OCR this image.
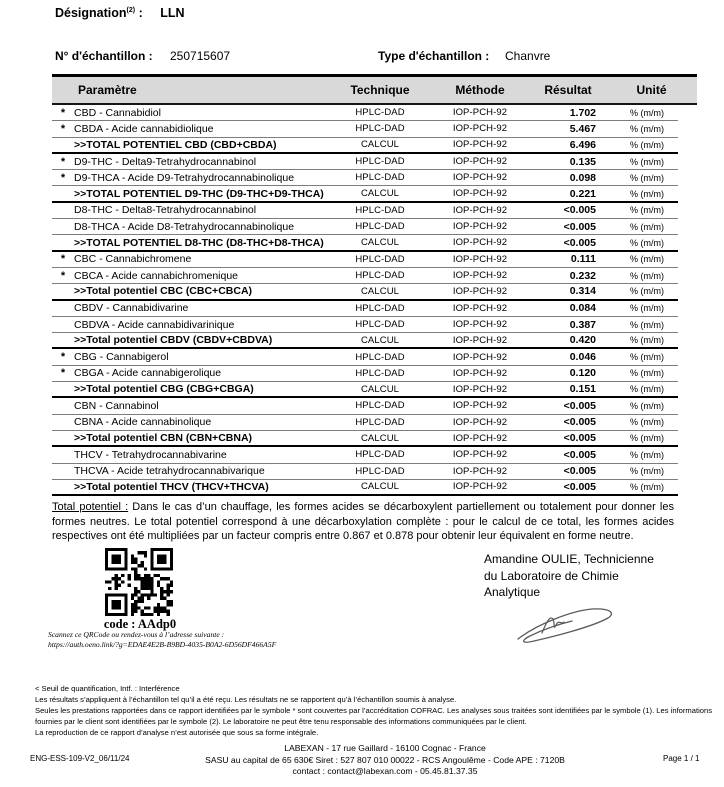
Désignation$^{(2)}$ : LLN
N° d'échantillon : 250715607	Type d'échantillon : Chanvre
Paramètre	Technique	Méthode	Résultat	Unité
* CBD - Cannabidiol	HPLC-DAD	IOP-PCH-92	1.702	% (m/m)
* CBDA - Acide cannabidiolique	HPLC-DAD	IOP-PCH-92	5.467	% (m/m)
>>TOTAL POTENTIEL CBD (CBD+CBDA)	CALCUL	IOP-PCH-92	6.496	% (m/m)
* D9-THC - Delta9-Tetrahydrocannabinol	HPLC-DAD	IOP-PCH-92	0.135	% (m/m)
* D9-THCA - Acide D9-Tetrahydrocannabinolique	HPLC-DAD	IOP-PCH-92	0.098	% (m/m)
>>TOTAL POTENTIEL D9-THC (D9-THC+D9-THCA)	CALCUL	IOP-PCH-92	0.221	% (m/m)
D8-THC - Delta8-Tetrahydrocannabinol	HPLC-DAD	IOP-PCH-92	<0.005	% (m/m)
D8-THCA - Acide D8-Tetrahydrocannabinolique	HPLC-DAD	IOP-PCH-92	<0.005	% (m/m)
>>TOTAL POTENTIEL D8-THC (D8-THC+D8-THCA)	CALCUL	IOP-PCH-92	<0.005	% (m/m)
* CBC - Cannabichromene	HPLC-DAD	IOP-PCH-92	0.111	% (m/m)
* CBCA - Acide cannabichromenique	HPLC-DAD	IOP-PCH-92	0.232	% (m/m)
>>Total potentiel CBC (CBC+CBCA)	CALCUL	IOP-PCH-92	0.314	% (m/m)
CBDV - Cannabidivarine	HPLC-DAD	IOP-PCH-92	0.084	% (m/m)
CBDVA - Acide cannabidivarinique	HPLC-DAD	IOP-PCH-92	0.387	% (m/m)
>>Total potentiel CBDV (CBDV+CBDVA)	CALCUL	IOP-PCH-92	0.420	% (m/m)
* CBG - Cannabigerol	HPLC-DAD	IOP-PCH-92	0.046	% (m/m)
* CBGA - Acide cannabigerolique	HPLC-DAD	IOP-PCH-92	0.120	% (m/m)
>>Total potentiel CBG (CBG+CBGA)	CALCUL	IOP-PCH-92	0.151	% (m/m)
CBN - Cannabinol	HPLC-DAD	IOP-PCH-92	<0.005	% (m/m)
CBNA - Acide cannabinolique	HPLC-DAD	IOP-PCH-92	<0.005	% (m/m)
>>Total potentiel CBN (CBN+CBNA)	CALCUL	IOP-PCH-92	<0.005	% (m/m)
THCV - Tetrahydrocannabivarine	HPLC-DAD	IOP-PCH-92	<0.005	% (m/m)
THCVA - Acide tetrahydrocannabivarique	HPLC-DAD	IOP-PCH-92	<0.005	% (m/m)
>>Total potentiel THCV (THCV+THCVA)	CALCUL	IOP-PCH-92	<0.005	% (m/m)
Total potentiel : Dans le cas d’un chauffage, les formes acides se décarboxylent partiellement ou totalement pour donner les formes neutres. Le total potentiel correspond à une décarboxylation complète : pour le calcul de ce total, les formes acides respectives ont été multipliées par un facteur compris entre 0.867 et 0.878 pour obtenir leur équivalent en forme neutre.
code : AAdp0
Scannez ce QRCode ou rendez-vous à l’adresse suivante :
https://auth.oeno.link/?g=EDAE4E2B-B9BD-4035-B0A2-6D56DF466A5F
Amandine OULIE, Technicienne
du Laboratoire de Chimie
Analytique
< Seuil de quantification, Intf. : Interférence
Les résultats s’appliquent à l’échantillon tel qu’il a été reçu. Les résultats ne se rapportent qu’à l’échantillon soumis à analyse.
Seules les prestations rapportées dans ce rapport identifiées par le symbole * sont couvertes par l’accréditation COFRAC. Les analyses sous traitées sont identifiées par le symbole (1). Les informations fournies par le client sont identifiées par le symbole (2). Le laboratoire ne peut être tenu responsable des informations communiquées par le client.
La reproduction de ce rapport d’analyse n’est autorisée que sous sa forme intégrale.
ENG-ESS-109-V2_06/11/24
LABEXAN - 17 rue Gaillard - 16100 Cognac - France
SASU au capital de 65 630€ Siret : 527 807 010 00022 - RCS Angoulême - Code APE : 7120B
contact : contact@labexan.com - 05.45.81.37.35
Page 1 / 1
